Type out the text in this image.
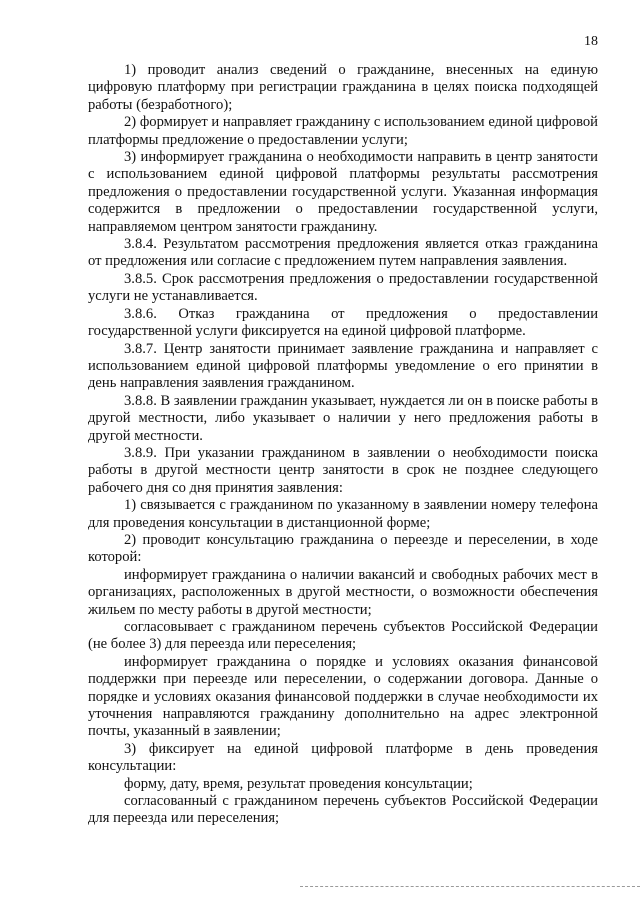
18

1) проводит анализ сведений о гражданине, внесенных на единую цифровую платформу при регистрации гражданина в целях поиска подходящей работы (безработного);

2) формирует и направляет гражданину с использованием единой цифровой платформы предложение о предоставлении услуги;

3) информирует гражданина о необходимости направить в центр занятости с использованием единой цифровой платформы результаты рассмотрения предложения о предоставлении государственной услуги. Указанная информация содержится в предложении о предоставлении государственной услуги, направляемом центром занятости гражданину.

3.8.4. Результатом рассмотрения предложения является отказ гражданина от предложения или согласие с предложением путем направления заявления.

3.8.5. Срок рассмотрения предложения о предоставлении государственной услуги не устанавливается.

3.8.6. Отказ гражданина от предложения о предоставлении государственной услуги фиксируется на единой цифровой платформе.

3.8.7. Центр занятости принимает заявление гражданина и направляет с использованием единой цифровой платформы уведомление о его принятии в день направления заявления гражданином.

3.8.8. В заявлении гражданин указывает, нуждается ли он в поиске работы в другой местности, либо указывает о наличии у него предложения работы в другой местности.

3.8.9. При указании гражданином в заявлении о необходимости поиска работы в другой местности центр занятости в срок не позднее следующего рабочего дня со дня принятия заявления:

1) связывается с гражданином по указанному в заявлении номеру телефона для проведения консультации в дистанционной форме;

2) проводит консультацию гражданина о переезде и переселении, в ходе которой:

информирует гражданина о наличии вакансий и свободных рабочих мест в организациях, расположенных в другой местности, о возможности обеспечения жильем по месту работы в другой местности;

согласовывает с гражданином перечень субъектов Российской Федерации (не более 3) для переезда или переселения;

информирует гражданина о порядке и условиях оказания финансовой поддержки при переезде или переселении, о содержании договора. Данные о порядке и условиях оказания финансовой поддержки в случае необходимости их уточнения направляются гражданину дополнительно на адрес электронной почты, указанный в заявлении;

3) фиксирует на единой цифровой платформе в день проведения консультации:

форму, дату, время, результат проведения консультации;

согласованный с гражданином перечень субъектов Российской Федерации для переезда или переселения;
